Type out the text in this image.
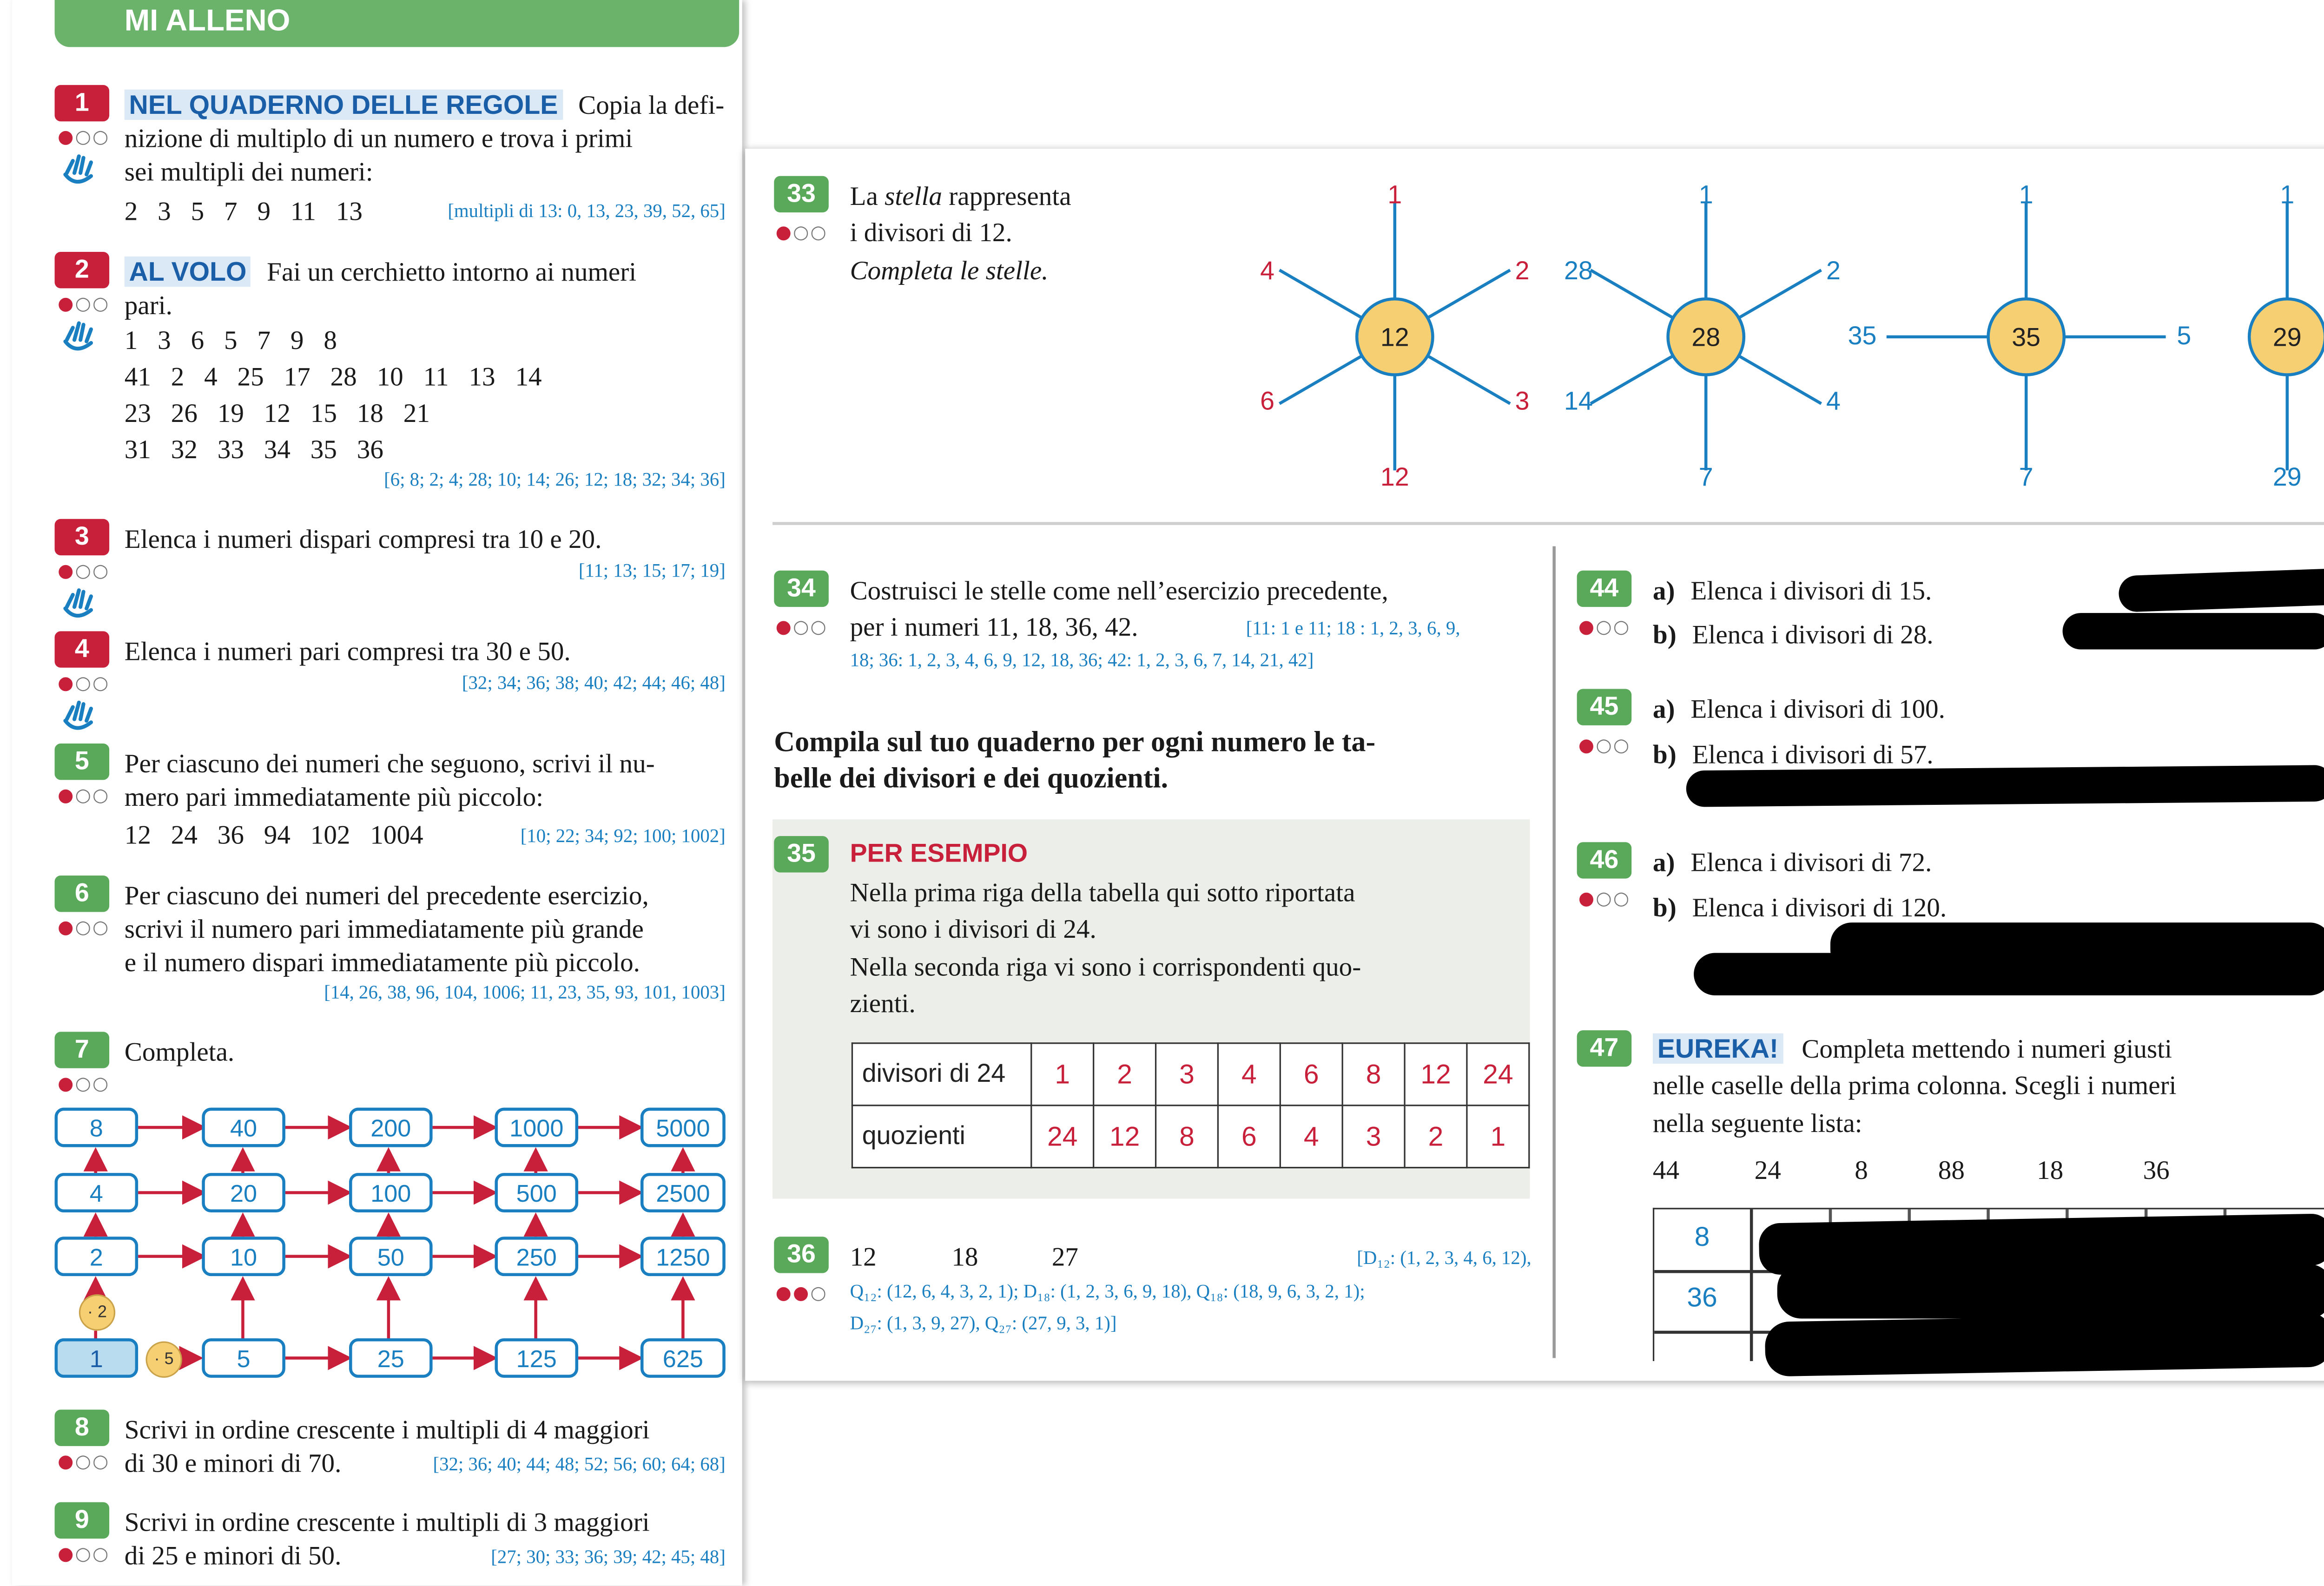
MI ALLENO
1
●○○
NEL QUADERNO DELLE REGOLE Copia la defi-
nizione di multiplo di un numero e trova i primi
sei multipli dei numeri:
2   3   5   7   9   11   13	[multipli di 13: 0, 13, 23, 39, 52, 65]
2
●○○
AL VOLO Fai un cerchietto intorno ai numeri
pari.
1   3   6   5   7   9   8
41   2   4   25   17   28   10   11   13   14
23   26   19   12   15   18   21
31   32   33   34   35   36
[6; 8; 2; 4; 28; 10; 14; 26; 12; 18; 32; 34; 36]
3
●○○
Elenca i numeri dispari compresi tra 10 e 20.
[11; 13; 15; 17; 19]
4
●○○
Elenca i numeri pari compresi tra 30 e 50.
[32; 34; 36; 38; 40; 42; 44; 46; 48]
5
●○○
Per ciascuno dei numeri che seguono, scrivi il nu-
mero pari immediatamente più piccolo:
12   24   36   94   102   1004	[10; 22; 34; 92; 100; 1002]
6
●○○
Per ciascuno dei numeri del precedente esercizio,
scrivi il numero pari immediatamente più grande
e il numero dispari immediatamente più piccolo.
[14, 26, 38, 96, 104, 1006; 11, 23, 35, 93, 101, 1003]
7
●○○
Completa.
8	40	200	1000	5000
4	20	100	500	2500
2	10	50	250	1250
· 2
1	· 5	5	25	125	625
8
●○○
Scrivi in ordine crescente i multipli di 4 maggiori
di 30 e minori di 70.	[32; 36; 40; 44; 48; 52; 56; 60; 64; 68]
9
●○○
Scrivi in ordine crescente i multipli di 3 maggiori
di 25 e minori di 50.	[27; 30; 33; 36; 39; 42; 45; 48]
33
●○○
La stella rappresenta
i divisori di 12.
Completa le stelle.
1
2
3
12
6
4
12
1
2
4
7
14
28
28
1
5
7
35	35
1
29
29
34
●○○
Costruisci le stelle come nell’esercizio precedente,
per i numeri 11, 18, 36, 42.	[11: 1 e 11; 18 : 1, 2, 3, 6, 9,
18; 36: 1, 2, 3, 4, 6, 9, 12, 18, 36; 42: 1, 2, 3, 6, 7, 14, 21, 42]
Compila sul tuo quaderno per ogni numero le ta-
belle dei divisori e dei quozienti.
35	PER ESEMPIO
Nella prima riga della tabella qui sotto riportata
vi sono i divisori di 24.
Nella seconda riga vi sono i corrispondenti quo-
zienti.
divisori di 24	1	2	3	4	6	8	12	24
quozienti	24	12	8	6	4	3	2	1
36
●●○
12	18	27	[D₁₂: (1, 2, 3, 4, 6, 12),
Q₁₂: (12, 6, 4, 3, 2, 1); D₁₈: (1, 2, 3, 6, 9, 18), Q₁₈: (18, 9, 6, 3, 2, 1);
D₂₇: (1, 3, 9, 27), Q₂₇: (27, 9, 3, 1)]
44
●○○
a) Elenca i divisori di 15.
b) Elenca i divisori di 28.
45
●○○
a) Elenca i divisori di 100.
b) Elenca i divisori di 57.
46
●○○
a) Elenca i divisori di 72.
b) Elenca i divisori di 120.
47	EUREKA!	Completa mettendo i numeri giusti
nelle caselle della prima colonna. Scegli i numeri
nella seguente lista:
44	24	8	88	18	36
8
36
